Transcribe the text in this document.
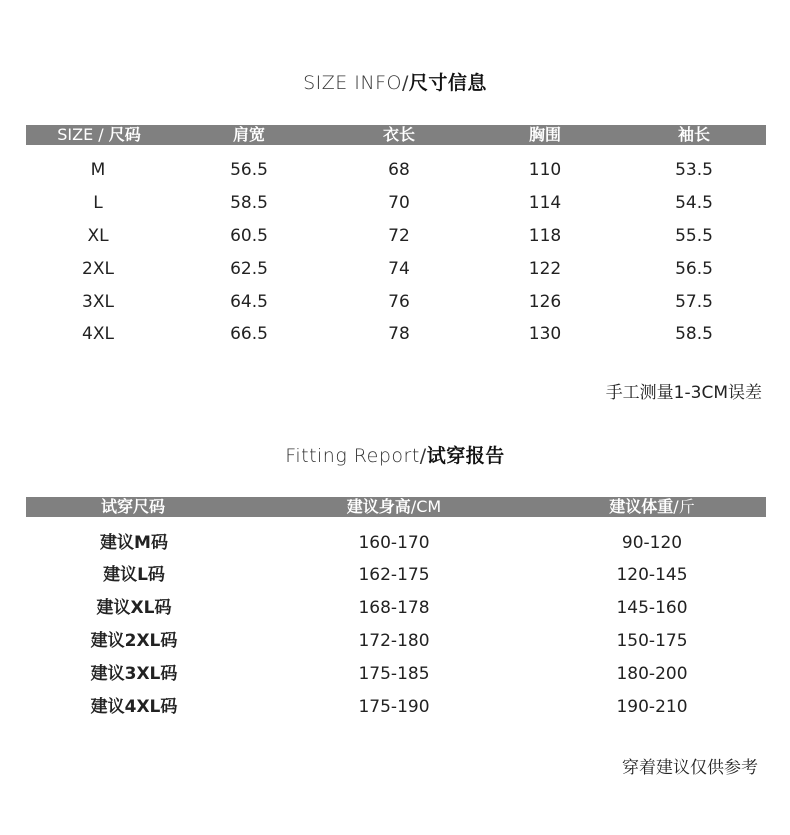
SIZE INFO/尺寸信息
SIZE / 尺码	肩宽	衣长	胸围	袖长
M	56.5	68	110	53.5
L	58.5	70	114	54.5
XL	60.5	72	118	55.5
2XL	62.5	74	122	56.5
3XL	64.5	76	126	57.5
4XL	66.5	78	130	58.5
手工测量1-3CM误差
Fitting Report/试穿报告
试穿尺码	建议身高/CM	建议体重/斤
建议M码	160-170	90-120
建议L码	162-175	120-145
建议XL码	168-178	145-160
建议2XL码	172-180	150-175
建议3XL码	175-185	180-200
建议4XL码	175-190	190-210
穿着建议仅供参考
